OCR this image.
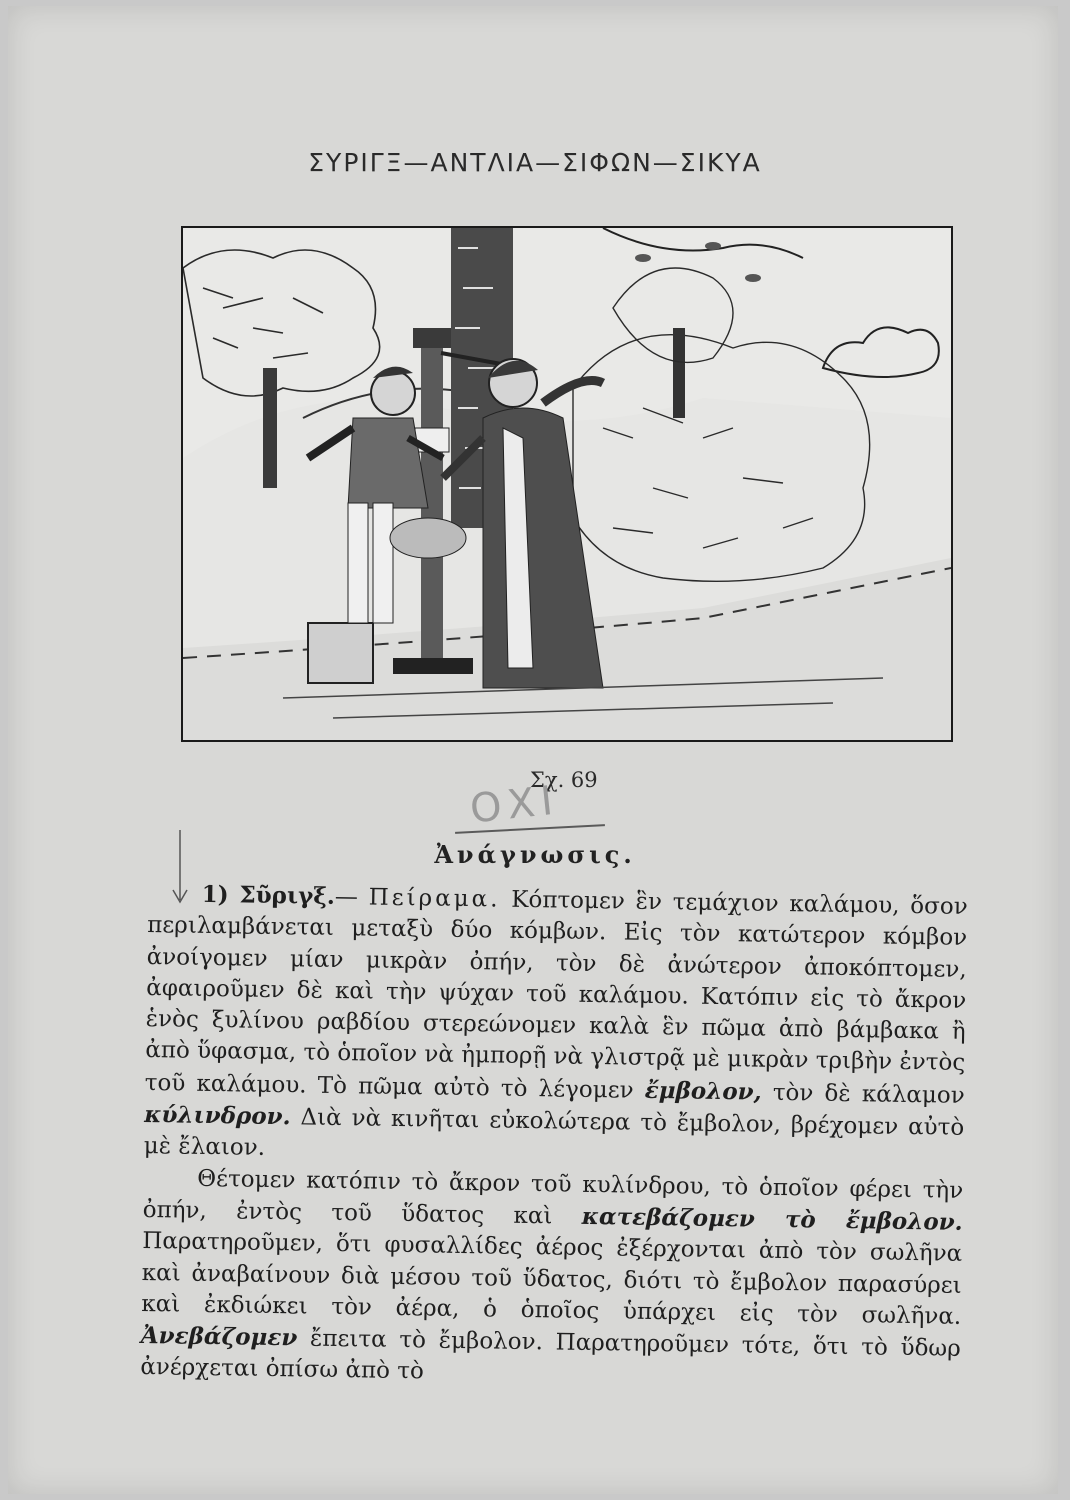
ΣΥΡΙΓΞ—ΑΝΤΛΙΑ—ΣΙΦΩΝ—ΣΙΚΥΑ
Σχ. 69
ΟΧΙ
Ἀνάγνωσις.

1) Σῦριγξ.— Πείραμα. Κόπτομεν ἓν τεμάχιον καλάμου, ὅσον περιλαμβάνεται μεταξὺ δύο κόμβων. Εἰς τὸν κατώτερον κόμβον ἀνοίγομεν μίαν μικρὰν ὀπήν, τὸν δὲ ἀνώτερον ἀποκόπτομεν, ἀφαιροῦμεν δὲ καὶ τὴν ψύχαν τοῦ καλάμου. Κατόπιν εἰς τὸ ἄκρον ἑνὸς ξυλίνου ραβδίου στερεώνομεν καλὰ ἓν πῶμα ἀπὸ βάμβακα ἢ ἀπὸ ὕφασμα, τὸ ὁποῖον νὰ ἠμπορῇ νὰ γλιστρᾷ μὲ μικρὰν τριβὴν ἐντὸς τοῦ καλάμου. Τὸ πῶμα αὐτὸ τὸ λέγομεν ἔμβολον, τὸν δὲ κάλαμον κύλινδρον. Διὰ νὰ κινῆται εὐκολώτερα τὸ ἔμβολον, βρέχομεν αὐτὸ μὲ ἔλαιον.

Θέτομεν κατόπιν τὸ ἄκρον τοῦ κυλίνδρου, τὸ ὁποῖον φέρει τὴν ὀπήν, ἐντὸς τοῦ ὕδατος καὶ κατεβάζομεν τὸ ἔμβολον. Παρατηροῦμεν, ὅτι φυσαλλίδες ἀέρος ἐξέρχονται ἀπὸ τὸν σωλῆνα καὶ ἀναβαίνουν διὰ μέσου τοῦ ὕδατος, διότι τὸ ἔμβολον παρασύρει καὶ ἐκδιώκει τὸν ἀέρα, ὁ ὁποῖος ὑπάρχει εἰς τὸν σωλῆνα. Ἀνεβάζομεν ἔπειτα τὸ ἔμβολον. Παρατηροῦμεν τότε, ὅτι τὸ ὕδωρ ἀνέρχεται ὀπίσω ἀπὸ τὸ
